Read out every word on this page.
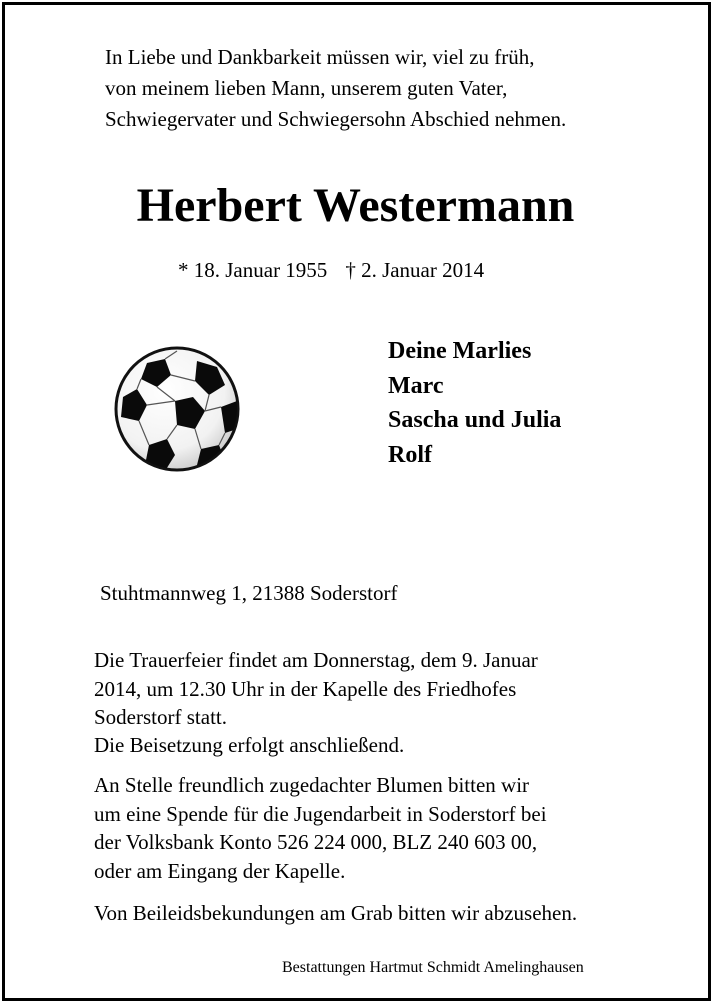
In Liebe und Dankbarkeit müssen wir, viel zu früh,
von meinem lieben Mann, unserem guten Vater,
Schwiegervater und Schwiegersohn Abschied nehmen.
Herbert Westermann
* 18. Januar 1955 † 2. Januar 2014
Deine Marlies
Marc
Sascha und Julia
Rolf
Stuhtmannweg 1, 21388 Soderstorf
Die Trauerfeier findet am Donnerstag, dem 9. Januar
2014, um 12.30 Uhr in der Kapelle des Friedhofes
Soderstorf statt.
Die Beisetzung erfolgt anschließend.
An Stelle freundlich zugedachter Blumen bitten wir
um eine Spende für die Jugendarbeit in Soderstorf bei
der Volksbank Konto 526 224 000, BLZ 240 603 00,
oder am Eingang der Kapelle.
Von Beileidsbekundungen am Grab bitten wir abzusehen.
Bestattungen Hartmut Schmidt Amelinghausen
